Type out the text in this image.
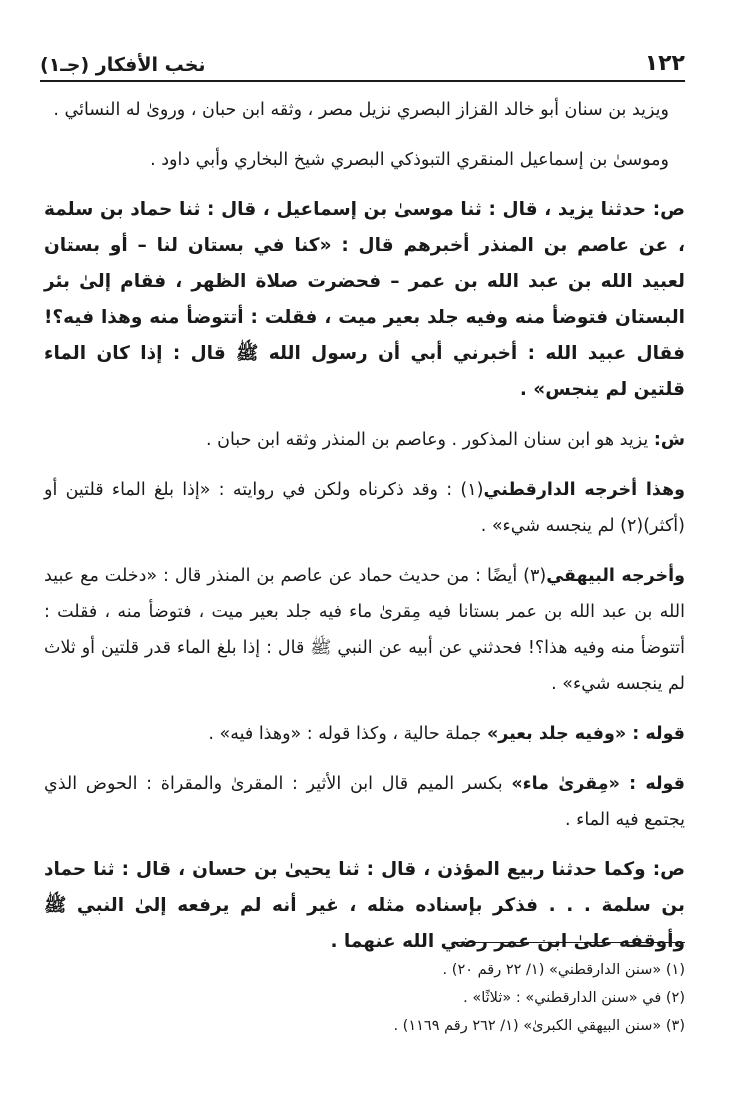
١٢٢
نخب الأفكار (جـ١)

ويزيد بن سنان أبو خالد القزاز البصري نزيل مصر ، وثقه ابن حبان ، وروىٰ له النسائي .

وموسىٰ بن إسماعيل المنقري التبوذكي البصري شيخ البخاري وأبي داود .

ص: حدثنا يزيد ، قال : ثنا موسىٰ بن إسماعيل ، قال : ثنا حماد بن سلمة ، عن عاصم بن المنذر أخبرهم قال : «كنا في بستان لنا – أو بستان لعبيد الله بن عبد الله بن عمر – فحضرت صلاة الظهر ، فقام إلىٰ بئر البستان فتوضأ منه وفيه جلد بعير ميت ، فقلت : أتتوضأ منه وهذا فيه؟! فقال عبيد الله : أخبرني أبي أن رسول الله ﷺ قال : إذا كان الماء قلتين لم ينجس» .

ش: يزيد هو ابن سنان المذكور . وعاصم بن المنذر وثقه ابن حبان .

وهذا أخرجه الدارقطني(١) : وقد ذكرناه ولكن في روايته : «إذا بلغ الماء قلتين أو (أكثر)(٢) لم ينجسه شيء» .

وأخرجه البيهقي(٣) أيضًا : من حديث حماد عن عاصم بن المنذر قال : «دخلت مع عبيد الله بن عبد الله بن عمر بستانا فيه مِقرىٰ ماء فيه جلد بعير ميت ، فتوضأ منه ، فقلت : أتتوضأ منه وفيه هذا؟! فحدثني عن أبيه عن النبي ﷺ قال : إذا بلغ الماء قدر قلتين أو ثلاث لم ينجسه شيء» .

قوله : «وفيه جلد بعير» جملة حالية ، وكذا قوله : «وهذا فيه» .

قوله : «مِقرىٰ ماء» بكسر الميم قال ابن الأثير : المقرىٰ والمقراة : الحوض الذي يجتمع فيه الماء .

ص: وكما حدثنا ربيع المؤذن ، قال : ثنا يحيىٰ بن حسان ، قال : ثنا حماد بن سلمة . . . فذكر بإسناده مثله ، غير أنه لم يرفعه إلىٰ النبي ﷺ وأوقفه علىٰ ابن عمر رضي الله عنهما .

(١) «سنن الدارقطني» (١/ ٢٢ رقم ٢٠) .

(٢) في «سنن الدارقطني» : «ثلاثًا» .

(٣) «سنن البيهقي الكبرىٰ» (١/ ٢٦٢ رقم ١١٦٩) .
